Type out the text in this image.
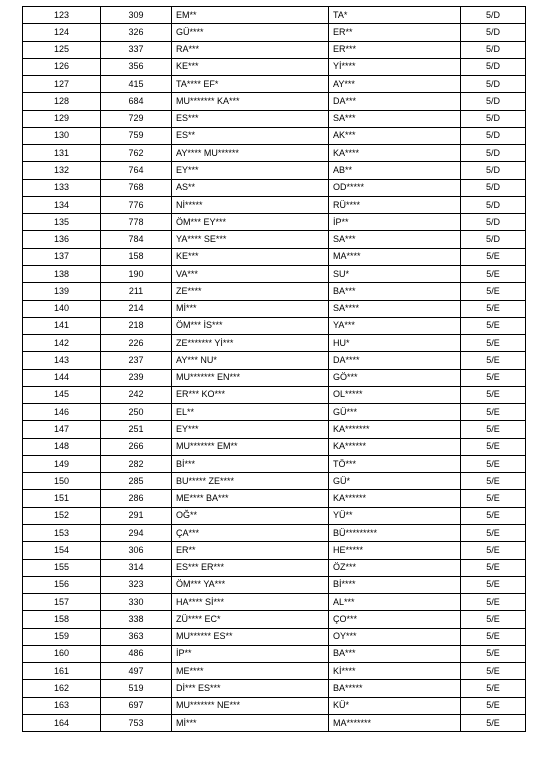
123	309	EM**	TA*	5/D
124	326	GÜ****	ER**	5/D
125	337	RA***	ER***	5/D
126	356	KE***	Yİ****	5/D
127	415	TA**** EF*	AY***	5/D
128	684	MU******* KA***	DA***	5/D
129	729	ES***	SA***	5/D
130	759	ES**	AK***	5/D
131	762	AY**** MU******	KA****	5/D
132	764	EY***	AB**	5/D
133	768	AS**	OD*****	5/D
134	776	Nİ*****	RÜ****	5/D
135	778	ÖM*** EY***	İP**	5/D
136	784	YA**** SE***	SA***	5/D
137	158	KE***	MA****	5/E
138	190	VA***	SU*	5/E
139	211	ZE****	BA***	5/E
140	214	Mİ***	SA****	5/E
141	218	ÖM*** İS***	YA***	5/E
142	226	ZE******* Yİ***	HU*	5/E
143	237	AY*** NU*	DA****	5/E
144	239	MU******* EN***	GÖ***	5/E
145	242	ER*** KO***	OL*****	5/E
146	250	EL**	GÜ***	5/E
147	251	EY***	KA*******	5/E
148	266	MU******* EM**	KA******	5/E
149	282	Bİ***	TÖ***	5/E
150	285	BU***** ZE****	GÜ*	5/E
151	286	ME**** BA***	KA******	5/E
152	291	OĞ**	YÜ**	5/E
153	294	ÇA***	BÜ*********	5/E
154	306	ER**	HE*****	5/E
155	314	ES*** ER***	ÖZ***	5/E
156	323	ÖM*** YA***	Bİ****	5/E
157	330	HA**** Sİ***	AL***	5/E
158	338	ZÜ**** EC*	ÇO***	5/E
159	363	MU****** ES**	OY***	5/E
160	486	İP**	BA***	5/E
161	497	ME****	Kİ****	5/E
162	519	Dİ*** ES***	BA*****	5/E
163	697	MU******* NE***	KÜ*	5/E
164	753	Mİ***	MA*******	5/E
